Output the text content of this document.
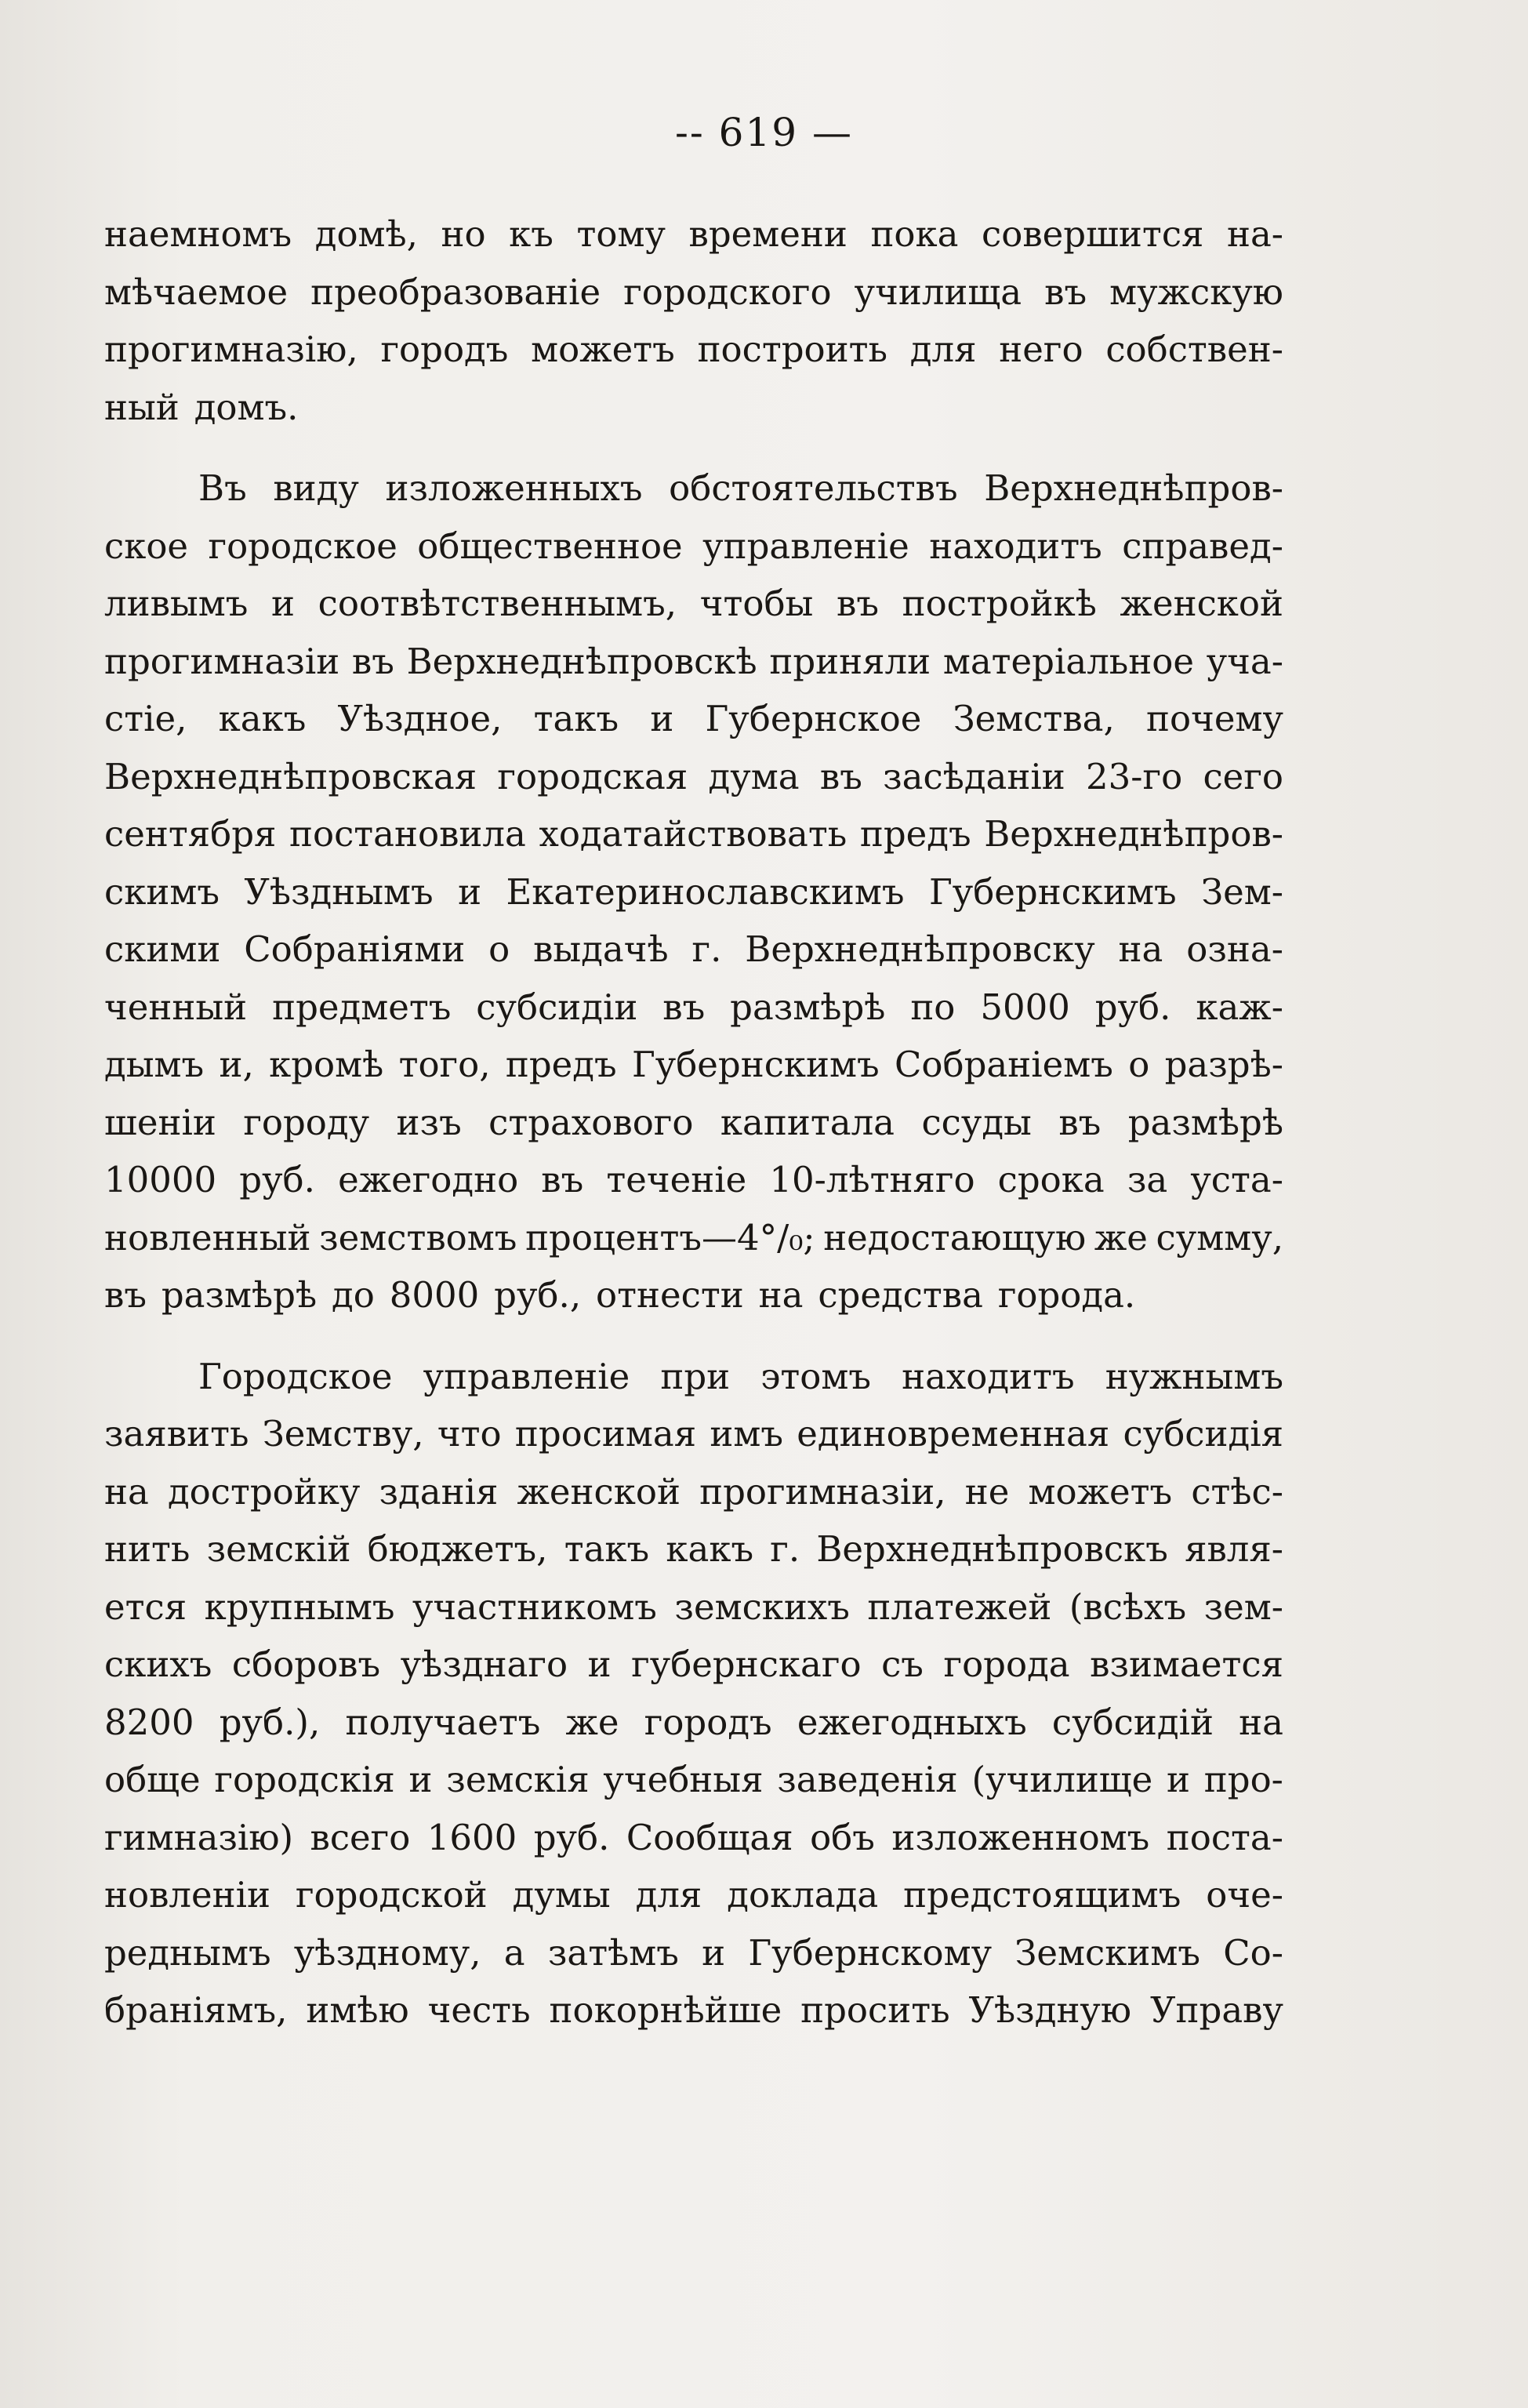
-- 619 —
наемномъ домѣ, но къ тому времени пока совершится на-
мѣчаемое преобразованіе городского училища въ мужскую
прогимназію, городъ можетъ построить для него собствен-
ный домъ.
Въ виду изложенныхъ обстоятельствъ Верхнеднѣпров-
ское городское общественное управленіе находитъ справед-
ливымъ и соотвѣтственнымъ, чтобы въ постройкѣ женской
прогимназіи въ Верхнеднѣпровскѣ приняли матеріальное уча-
стіе, какъ Уѣздное, такъ и Губернское Земства, почему
Верхнеднѣпровская городская дума въ засѣданіи 23-го сего
сентября постановила ходатайствовать предъ Верхнеднѣпров-
скимъ Уѣзднымъ и Екатеринославскимъ Губернскимъ Зем-
скими Собраніями о выдачѣ г. Верхнеднѣпровску на озна-
ченный предметъ субсидіи въ размѣрѣ по 5000 руб. каж-
дымъ и, кромѣ того, предъ Губернскимъ Собраніемъ о разрѣ-
шеніи городу изъ страхового капитала ссуды въ размѣрѣ
10000 руб. ежегодно въ теченіе 10-лѣтняго срока за уста-
новленный земствомъ процентъ—4°/₀; недостающую же сумму,
въ размѣрѣ до 8000 руб., отнести на средства города.
Городское управленіе при этомъ находитъ нужнымъ
заявить Земству, что просимая имъ единовременная субсидія
на достройку зданія женской прогимназіи, не можетъ стѣс-
нить земскій бюджетъ, такъ какъ г. Верхнеднѣпровскъ явля-
ется крупнымъ участникомъ земскихъ платежей (всѣхъ зем-
скихъ сборовъ уѣзднаго и губернскаго съ города взимается
8200 руб.), получаетъ же городъ ежегодныхъ субсидій на
обще городскія и земскія учебныя заведенія (училище и про-
гимназію) всего 1600 руб. Сообщая объ изложенномъ поста-
новленіи городской думы для доклада предстоящимъ оче-
реднымъ уѣздному, а затѣмъ и Губернскому Земскимъ Со-
браніямъ, имѣю честь покорнѣйше просить Уѣздную Управу
